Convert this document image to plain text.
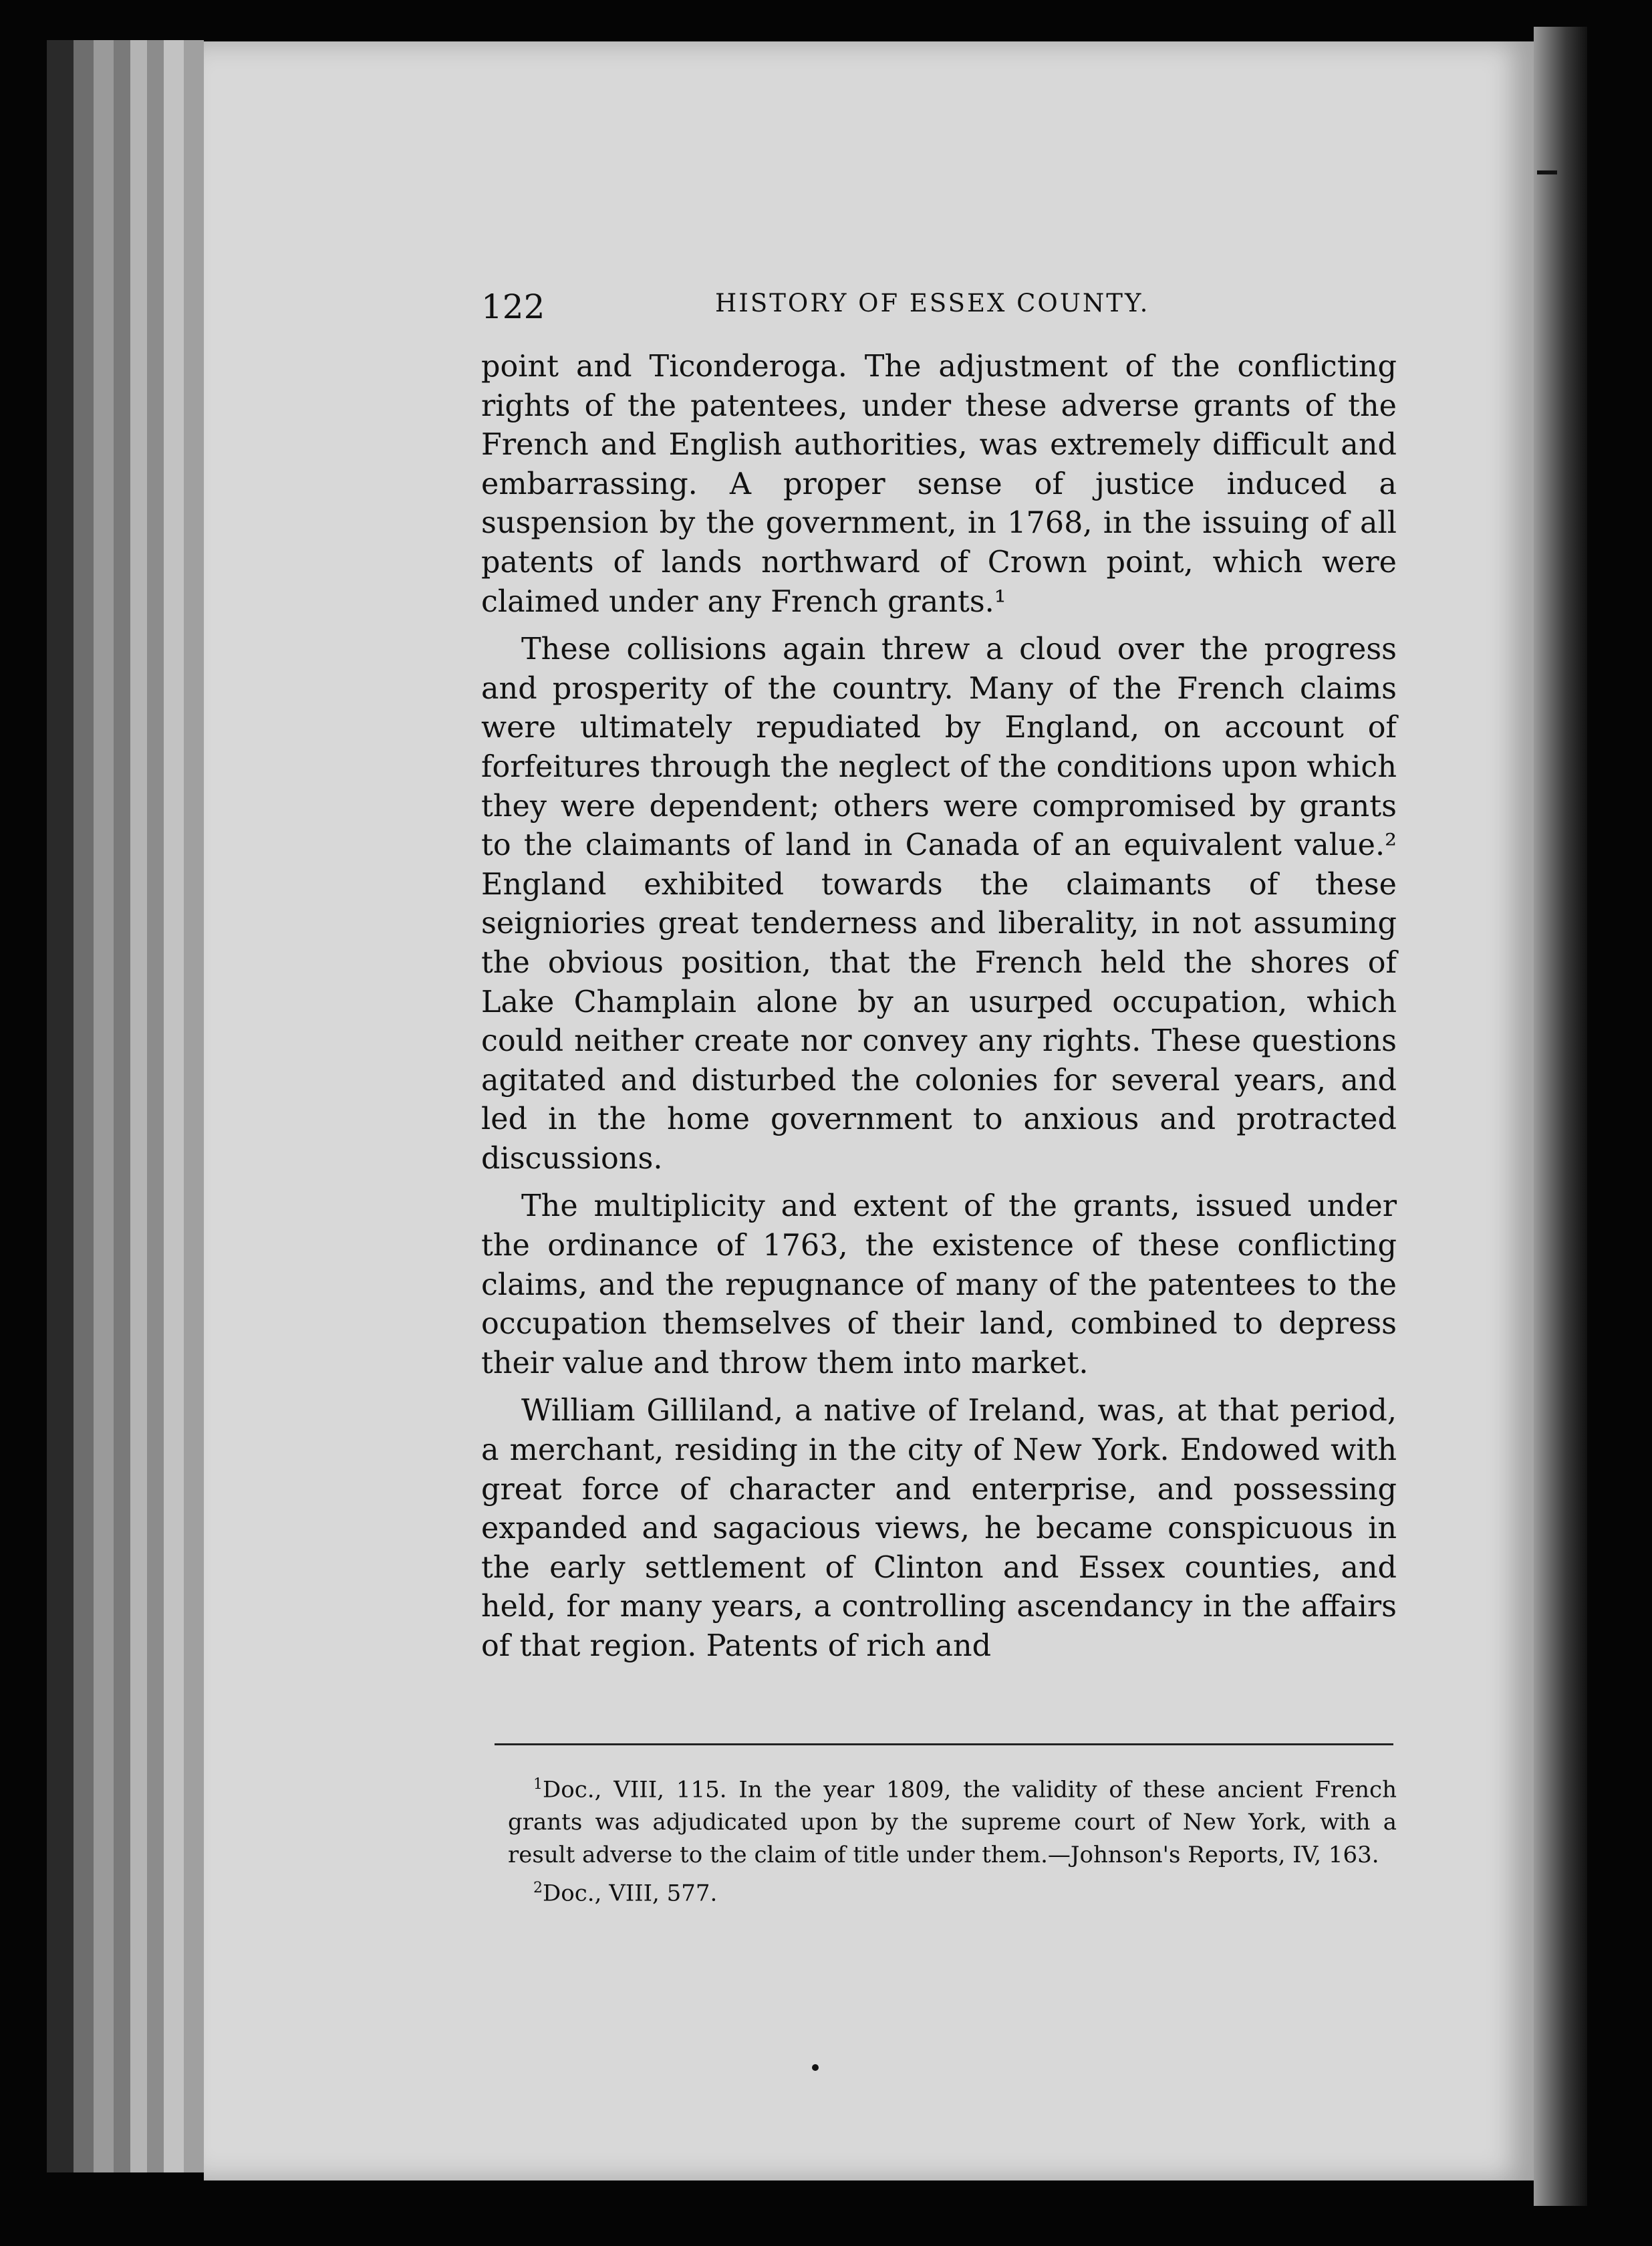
122	HISTORY OF ESSEX COUNTY.

point and Ticonderoga. The adjustment of the conflicting rights of the patentees, under these adverse grants of the French and English authorities, was extremely difficult and embarrassing. A proper sense of justice induced a suspension by the government, in 1768, in the issuing of all patents of lands northward of Crown point, which were claimed under any French grants.¹

These collisions again threw a cloud over the progress and prosperity of the country. Many of the French claims were ultimately repudiated by England, on account of forfeitures through the neglect of the conditions upon which they were dependent; others were compromised by grants to the claimants of land in Canada of an equivalent value.² England exhibited towards the claimants of these seigniories great tenderness and liberality, in not assuming the obvious position, that the French held the shores of Lake Champlain alone by an usurped occupation, which could neither create nor convey any rights. These questions agitated and disturbed the colonies for several years, and led in the home government to anxious and protracted discussions.

The multiplicity and extent of the grants, issued under the ordinance of 1763, the existence of these conflicting claims, and the repugnance of many of the patentees to the occupation themselves of their land, combined to depress their value and throw them into market.

William Gilliland, a native of Ireland, was, at that period, a merchant, residing in the city of New York. Endowed with great force of character and enterprise, and possessing expanded and sagacious views, he became conspicuous in the early settlement of Clinton and Essex counties, and held, for many years, a controlling ascendancy in the affairs of that region. Patents of rich and

$^1$Doc., VIII, 115. In the year 1809, the validity of these ancient French grants was adjudicated upon by the supreme court of New York, with a result adverse to the claim of title under them.—Johnson's Reports, IV, 163.

$^2$Doc., VIII, 577.
